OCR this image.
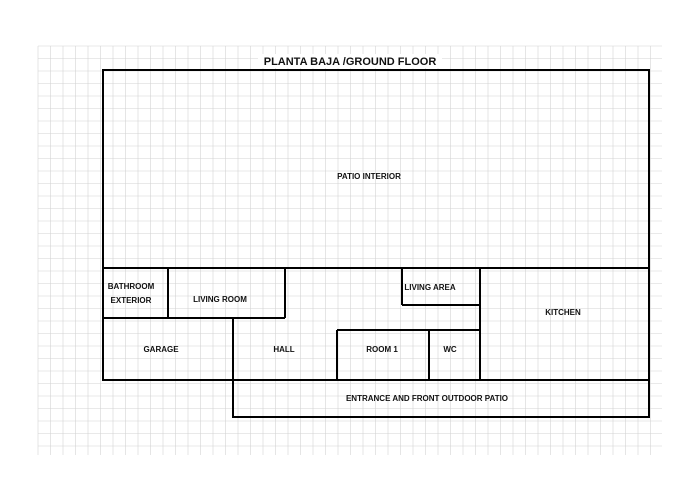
PLANTA BAJA /GROUND FLOOR
PATIO INTERIOR
BATHROOM
EXTERIOR	LIVING ROOM
LIVING AREA
KITCHEN
GARAGE	HALL	ROOM 1	WC
ENTRANCE AND FRONT OUTDOOR PATIO
